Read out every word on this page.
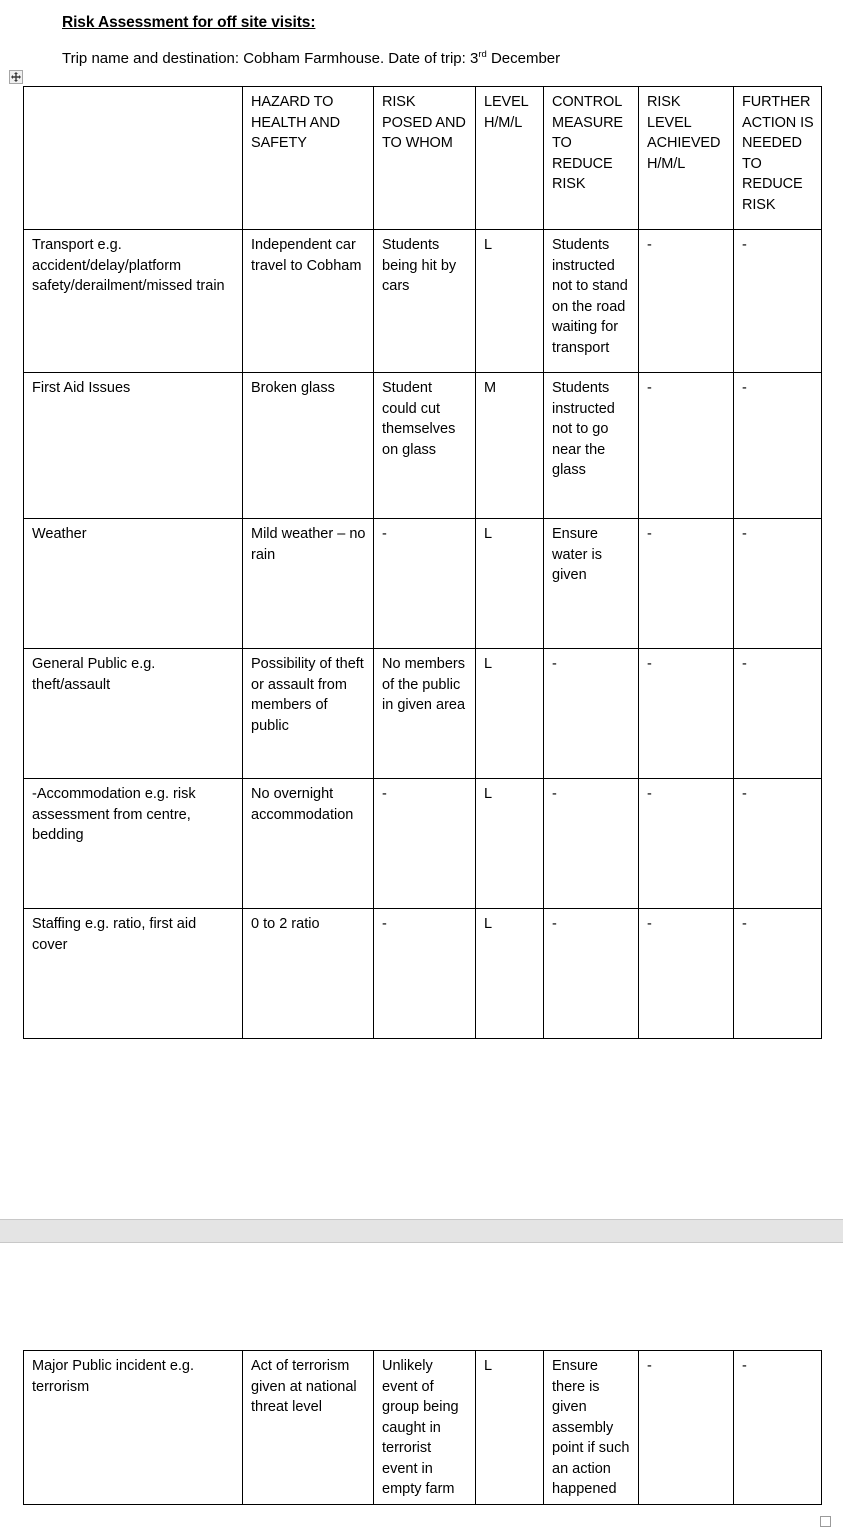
Risk Assessment for off site visits:
Trip name and destination: Cobham Farmhouse. Date of trip: 3rd December
	HAZARD TO HEALTH AND SAFETY	RISK POSED AND TO WHOM	LEVEL H/M/L	CONTROL MEASURE TO REDUCE RISK	RISK LEVEL ACHIEVED H/M/L	FURTHER ACTION IS NEEDED TO REDUCE RISK
Transport e.g. accident/delay/platform safety/derailment/missed train	Independent car travel to Cobham	Students being hit by cars	L	Students instructed not to stand on the road waiting for transport	-	-
First Aid Issues	Broken glass	Student could cut themselves on glass	M	Students instructed not to go near the glass	-	-
Weather	Mild weather – no rain	-	L	Ensure water is given	-	-
General Public e.g. theft/assault	Possibility of theft or assault from members of public	No members of the public in given area	L	-	-	-
-Accommodation e.g. risk assessment from centre, bedding	No overnight accommodation	-	L	-	-	-
Staffing e.g. ratio, first aid cover	0 to 2 ratio	-	L	-	-	-
Major Public incident e.g. terrorism	Act of terrorism given at national threat level	Unlikely event of group being caught in terrorist event in empty farm	L	Ensure there is given assembly point if such an action happened	-	-
